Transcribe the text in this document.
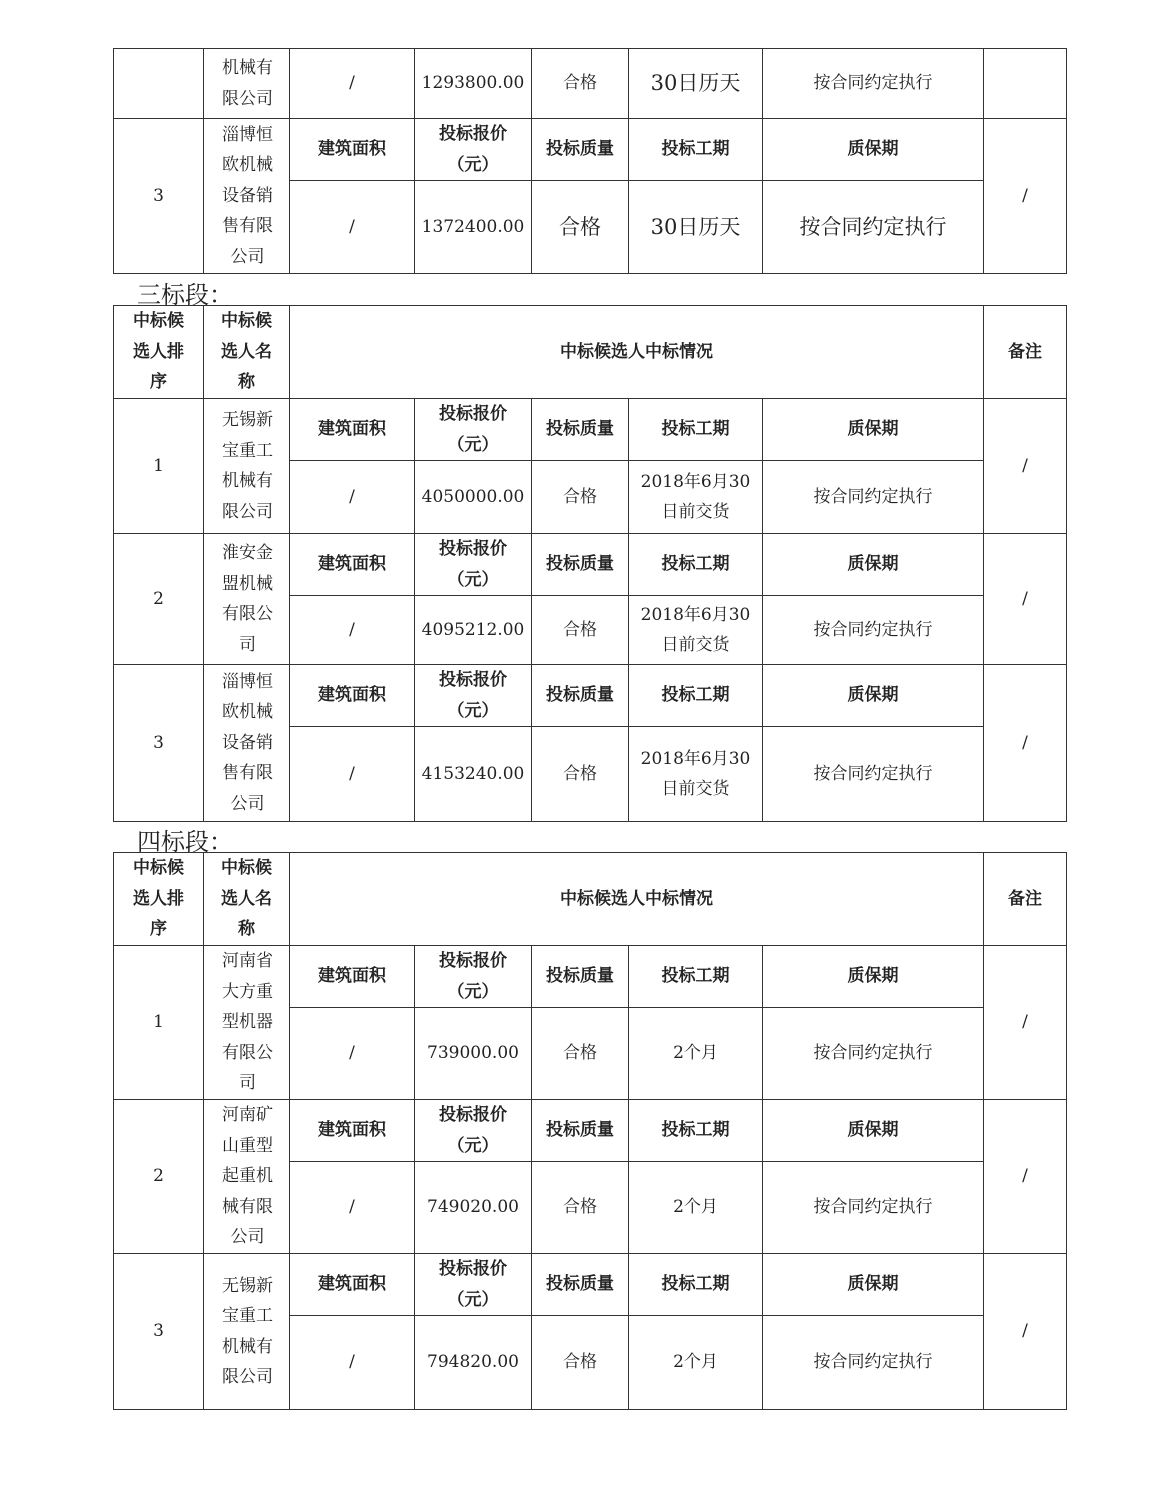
	机械有限公司	/	1293800.00	合格	30日历天	按合同约定执行	
3	淄博恒欧机械设备销售有限公司	建筑面积	投标报价
（元）	投标质量	投标工期	质保期	/
		/	1372400.00	合格	30日历天	按合同约定执行	
三标段：
中标候选人排序	中标候选人名称	中标候选人中标情况					备注
1	无锡新宝重工机械有限公司	建筑面积	投标报价
（元）	投标质量	投标工期	质保期	/
		/	4050000.00	合格	2018年6月30日前交货	按合同约定执行	
2	淮安金盟机械有限公司	建筑面积	投标报价
（元）	投标质量	投标工期	质保期	/
		/	4095212.00	合格	2018年6月30日前交货	按合同约定执行	
3	淄博恒欧机械设备销售有限公司	建筑面积	投标报价
（元）	投标质量	投标工期	质保期	/
		/	4153240.00	合格	2018年6月30日前交货	按合同约定执行	
四标段：
中标候选人排序	中标候选人名称	中标候选人中标情况					备注
1	河南省大方重型机器有限公司	建筑面积	投标报价
（元）	投标质量	投标工期	质保期	/
		/	739000.00	合格	2个月	按合同约定执行	
2	河南矿山重型起重机械有限公司	建筑面积	投标报价
（元）	投标质量	投标工期	质保期	/
		/	749020.00	合格	2个月	按合同约定执行	
3	无锡新宝重工机械有限公司	建筑面积	投标报价
（元）	投标质量	投标工期	质保期	/
		/	794820.00	合格	2个月	按合同约定执行	
